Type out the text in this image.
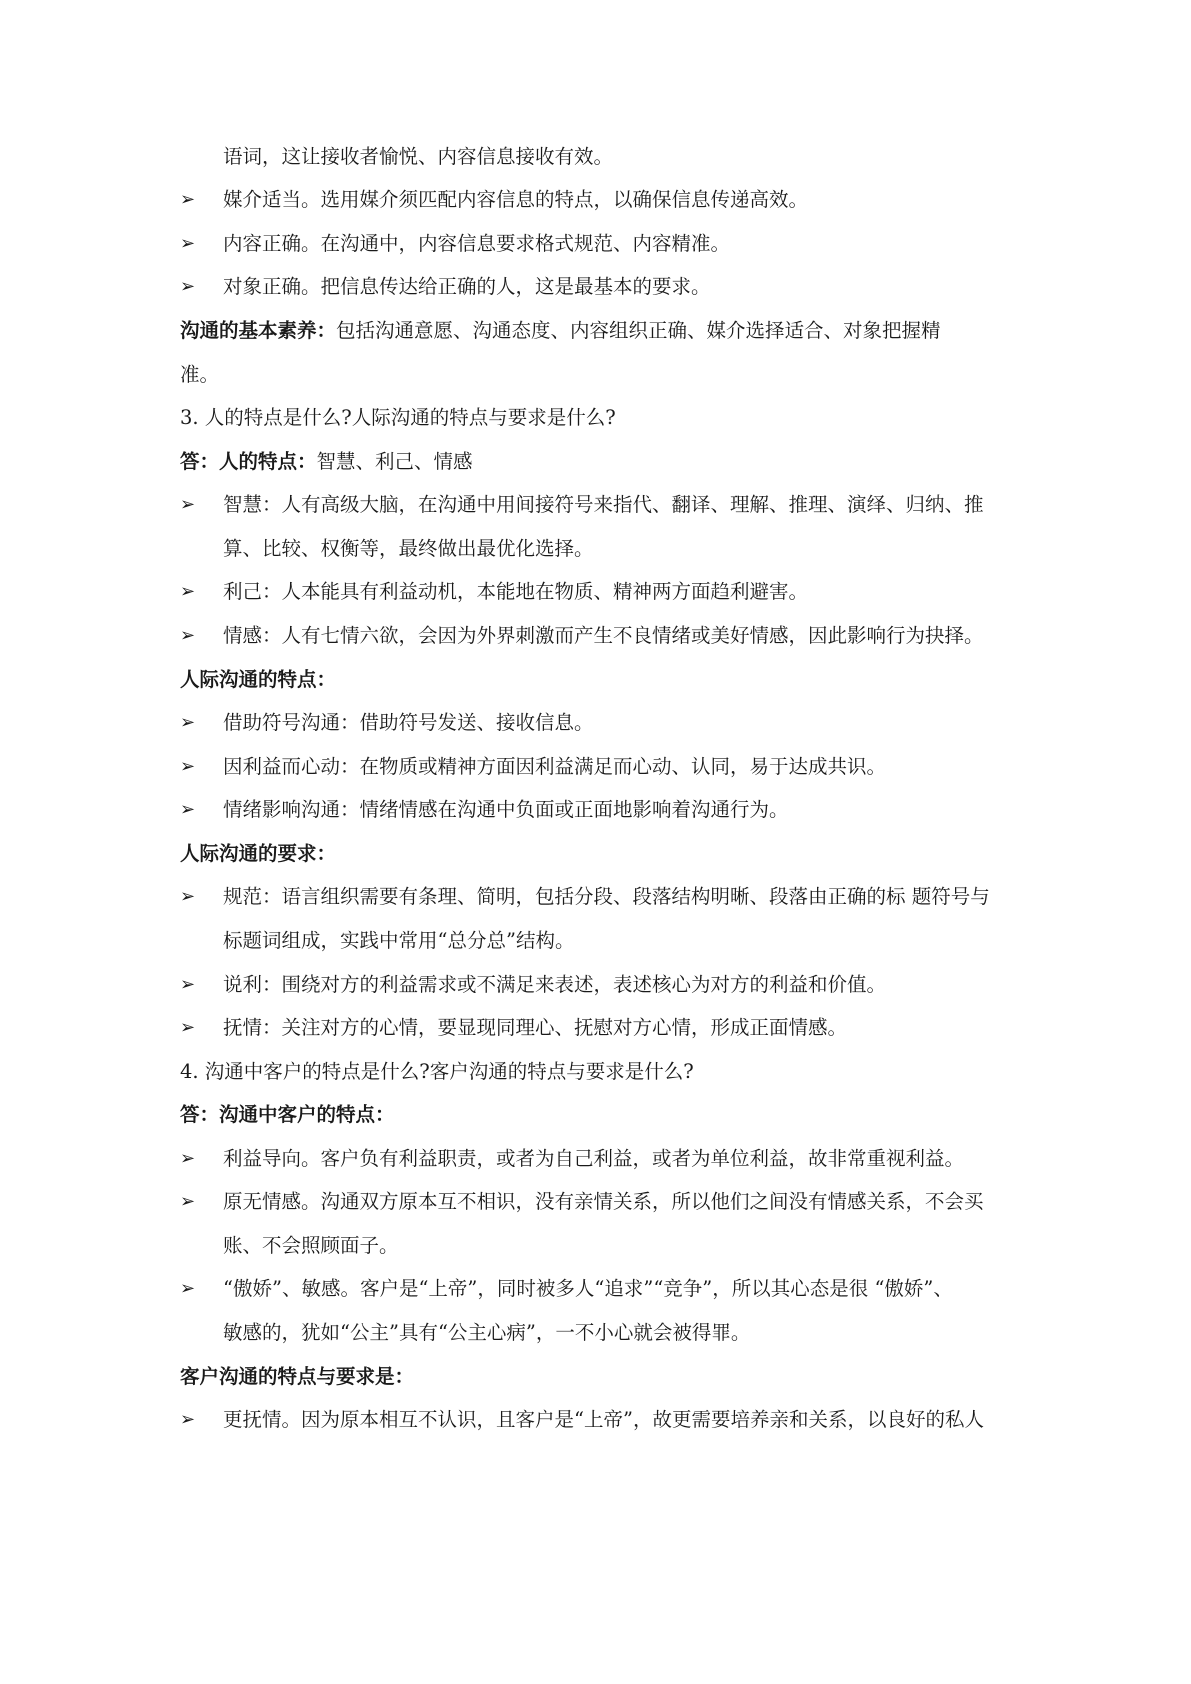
语词，这让接收者愉悦、内容信息接收有效。
➢ 媒介适当。选用媒介须匹配内容信息的特点，以确保信息传递高效。
➢ 内容正确。在沟通中，内容信息要求格式规范、内容精准。
➢ 对象正确。把信息传达给正确的人，这是最基本的要求。
沟通的基本素养：包括沟通意愿、沟通态度、内容组织正确、媒介选择适合、对象把握精
准。
3. 人的特点是什么?人际沟通的特点与要求是什么?
答：人的特点：智慧、利己、情感
➢ 智慧：人有高级大脑，在沟通中用间接符号来指代、翻译、理解、推理、演绎、归纳、推
算、比较、权衡等，最终做出最优化选择。
➢ 利己：人本能具有利益动机，本能地在物质、精神两方面趋利避害。
➢ 情感：人有七情六欲，会因为外界刺激而产生不良情绪或美好情感，因此影响行为抉择。
人际沟通的特点：
➢ 借助符号沟通：借助符号发送、接收信息。
➢ 因利益而心动：在物质或精神方面因利益满足而心动、认同，易于达成共识。
➢ 情绪影响沟通：情绪情感在沟通中负面或正面地影响着沟通行为。
人际沟通的要求：
➢ 规范：语言组织需要有条理、简明，包括分段、段落结构明晰、段落由正确的标 题符号与
标题词组成，实践中常用“总分总”结构。
➢ 说利：围绕对方的利益需求或不满足来表述，表述核心为对方的利益和价值。
➢ 抚情：关注对方的心情，要显现同理心、抚慰对方心情，形成正面情感。
4. 沟通中客户的特点是什么?客户沟通的特点与要求是什么?
答：沟通中客户的特点：
➢ 利益导向。客户负有利益职责，或者为自己利益，或者为单位利益，故非常重视利益。
➢ 原无情感。沟通双方原本互不相识，没有亲情关系，所以他们之间没有情感关系，不会买
账、不会照顾面子。
➢ “傲娇”、敏感。客户是“上帝”，同时被多人“追求”“竞争”，所以其心态是很 “傲娇”、
敏感的，犹如“公主”具有“公主心病”，一不小心就会被得罪。
客户沟通的特点与要求是：
➢ 更抚情。因为原本相互不认识，且客户是“上帝”，故更需要培养亲和关系，以良好的私人
